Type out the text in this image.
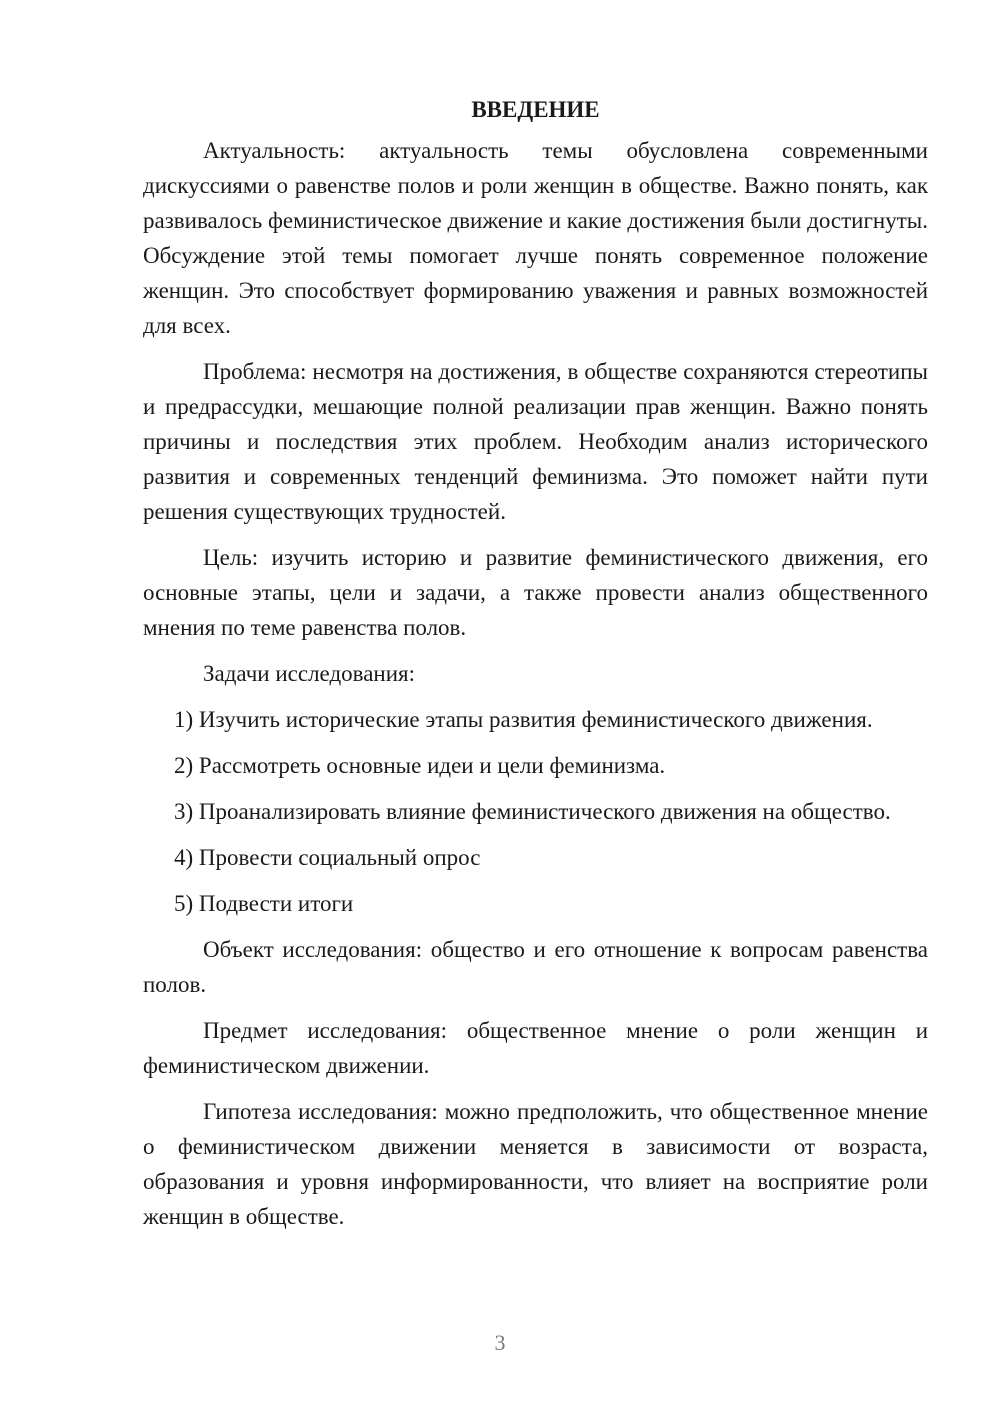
ВВЕДЕНИЕ

Актуальность: актуальность темы обусловлена современными дискуссиями о равенстве полов и роли женщин в обществе. Важно понять, как развивалось феминистическое движение и какие достижения были достигнуты. Обсуждение этой темы помогает лучше понять современное положение женщин. Это способствует формированию уважения и равных возможностей для всех.

Проблема: несмотря на достижения, в обществе сохраняются стереотипы и предрассудки, мешающие полной реализации прав женщин. Важно понять причины и последствия этих проблем. Необходим анализ исторического развития и современных тенденций феминизма. Это поможет найти пути решения существующих трудностей.

Цель: изучить историю и развитие феминистического движения, его основные этапы, цели и задачи, а также провести анализ общественного мнения по теме равенства полов.

Задачи исследования:

1) Изучить исторические этапы развития феминистического движения.

2) Рассмотреть основные идеи и цели феминизма.

3) Проанализировать влияние феминистического движения на общество.

4) Провести социальный опрос

5) Подвести итоги

Объект исследования: общество и его отношение к вопросам равенства полов.

Предмет исследования: общественное мнение о роли женщин и феминистическом движении.

Гипотеза исследования: можно предположить, что общественное мнение о феминистическом движении меняется в зависимости от возраста, образования и уровня информированности, что влияет на восприятие роли женщин в обществе.

3
